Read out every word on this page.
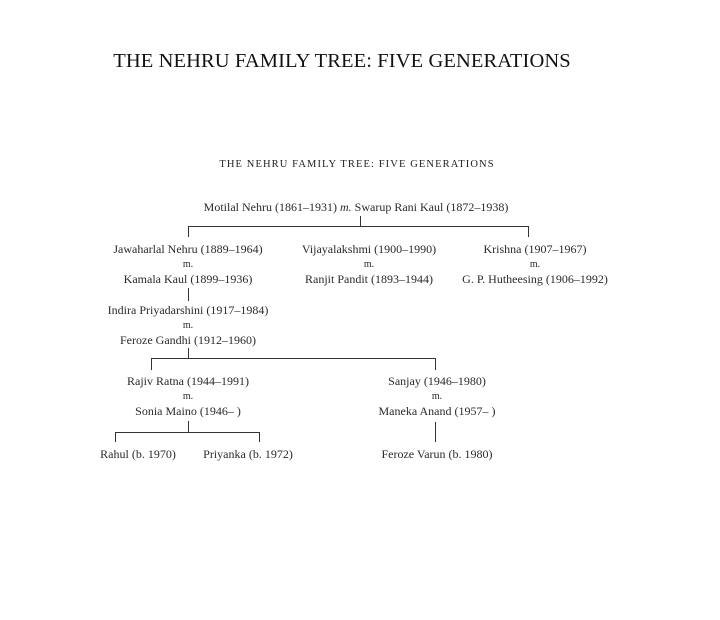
THE NEHRU FAMILY TREE: FIVE GENERATIONS
THE NEHRU FAMILY TREE: FIVE GENERATIONS
Motilal Nehru (1861–1931) m. Swarup Rani Kaul (1872–1938)
Jawaharlal Nehru (1889–1964)
m.
Kamala Kaul (1899–1936)
Vijayalakshmi (1900–1990)
m.
Ranjit Pandit (1893–1944)
Krishna (1907–1967)
m.
G. P. Hutheesing (1906–1992)
Indira Priyadarshini (1917–1984)
m.
Feroze Gandhi (1912–1960)
Rajiv Ratna (1944–1991)
m.
Sonia Maino (1946– )
Sanjay (1946–1980)
m.
Maneka Anand (1957– )
Rahul (b. 1970) Priyanka (b. 1972)	Feroze Varun (b. 1980)
